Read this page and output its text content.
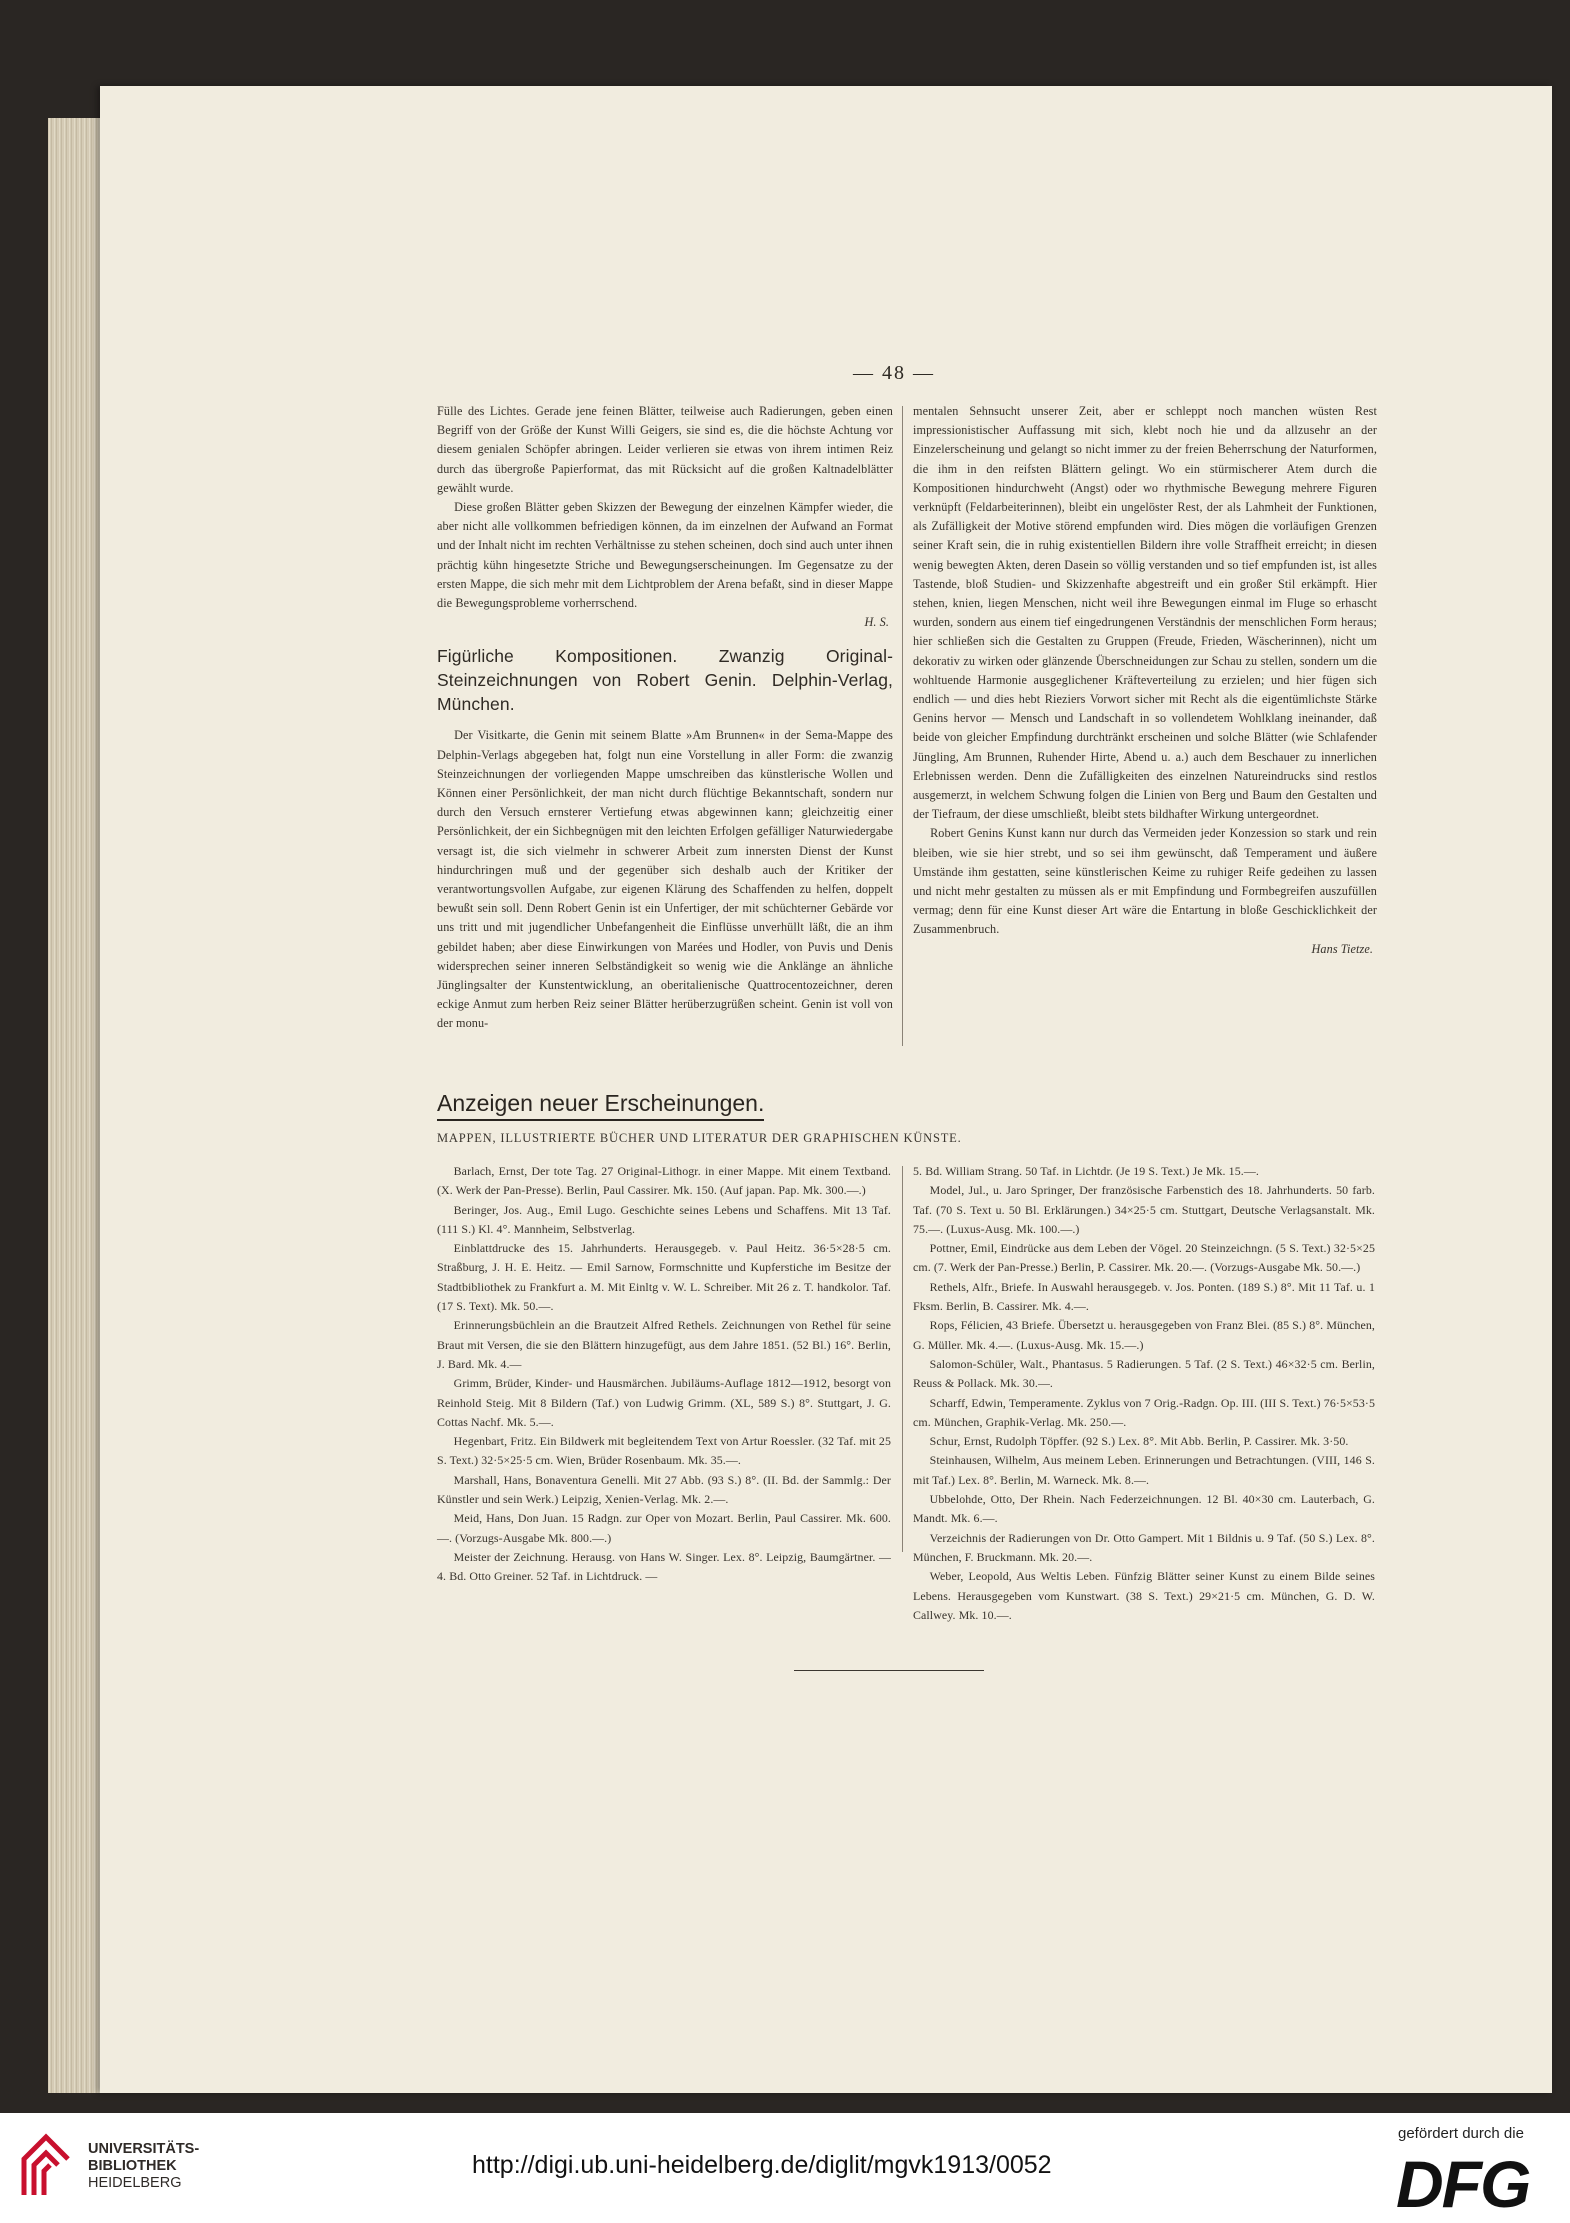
— 48 —

Fülle des Lichtes. Gerade jene feinen Blätter, teilweise auch Radierungen, geben einen Begriff von der Größe der Kunst Willi Geigers, sie sind es, die die höchste Achtung vor diesem genialen Schöpfer abringen. Leider verlieren sie etwas von ihrem intimen Reiz durch das übergroße Papierformat, das mit Rücksicht auf die großen Kaltnadelblätter gewählt wurde.

Diese großen Blätter geben Skizzen der Bewegung der einzelnen Kämpfer wieder, die aber nicht alle vollkommen befriedigen können, da im einzelnen der Aufwand an Format und der Inhalt nicht im rechten Verhältnisse zu stehen scheinen, doch sind auch unter ihnen prächtig kühn hingesetzte Striche und Bewegungserscheinungen. Im Gegensatze zu der ersten Mappe, die sich mehr mit dem Lichtproblem der Arena befaßt, sind in dieser Mappe die Bewegungsprobleme vorherrschend.

H. S.

Figürliche Kompositionen. Zwanzig Original-Steinzeichnungen von Robert Genin. Delphin-Verlag, München.

Der Visitkarte, die Genin mit seinem Blatte »Am Brunnen« in der Sema-Mappe des Delphin-Verlags abgegeben hat, folgt nun eine Vorstellung in aller Form: die zwanzig Steinzeichnungen der vorliegenden Mappe umschreiben das künstlerische Wollen und Können einer Persönlichkeit, der man nicht durch flüchtige Bekanntschaft, sondern nur durch den Versuch ernsterer Vertiefung etwas abgewinnen kann; gleichzeitig einer Persönlichkeit, der ein Sichbegnügen mit den leichten Erfolgen gefälliger Naturwiedergabe versagt ist, die sich vielmehr in schwerer Arbeit zum innersten Dienst der Kunst hindurchringen muß und der gegenüber sich deshalb auch der Kritiker der verantwortungsvollen Aufgabe, zur eigenen Klärung des Schaffenden zu helfen, doppelt bewußt sein soll. Denn Robert Genin ist ein Unfertiger, der mit schüchterner Gebärde vor uns tritt und mit jugendlicher Unbefangenheit die Einflüsse unverhüllt läßt, die an ihm gebildet haben; aber diese Einwirkungen von Marées und Hodler, von Puvis und Denis widersprechen seiner inneren Selbständigkeit so wenig wie die Anklänge an ähnliche Jünglingsalter der Kunstentwicklung, an oberitalienische Quattrocentozeichner, deren eckige Anmut zum herben Reiz seiner Blätter herüberzugrüßen scheint. Genin ist voll von der monu-

mentalen Sehnsucht unserer Zeit, aber er schleppt noch manchen wüsten Rest impressionistischer Auffassung mit sich, klebt noch hie und da allzusehr an der Einzelerscheinung und gelangt so nicht immer zu der freien Beherrschung der Naturformen, die ihm in den reifsten Blättern gelingt. Wo ein stürmischerer Atem durch die Kompositionen hindurchweht (Angst) oder wo rhythmische Bewegung mehrere Figuren verknüpft (Feldarbeiterinnen), bleibt ein ungelöster Rest, der als Lahmheit der Funktionen, als Zufälligkeit der Motive störend empfunden wird. Dies mögen die vorläufigen Grenzen seiner Kraft sein, die in ruhig existentiellen Bildern ihre volle Straffheit erreicht; in diesen wenig bewegten Akten, deren Dasein so völlig verstanden und so tief empfunden ist, ist alles Tastende, bloß Studien- und Skizzenhafte abgestreift und ein großer Stil erkämpft. Hier stehen, knien, liegen Menschen, nicht weil ihre Bewegungen einmal im Fluge so erhascht wurden, sondern aus einem tief eingedrungenen Verständnis der menschlichen Form heraus; hier schließen sich die Gestalten zu Gruppen (Freude, Frieden, Wäscherinnen), nicht um dekorativ zu wirken oder glänzende Überschneidungen zur Schau zu stellen, sondern um die wohltuende Harmonie ausgeglichener Kräfteverteilung zu erzielen; und hier fügen sich endlich — und dies hebt Rieziers Vorwort sicher mit Recht als die eigentümlichste Stärke Genins hervor — Mensch und Landschaft in so vollendetem Wohlklang ineinander, daß beide von gleicher Empfindung durchtränkt erscheinen und solche Blätter (wie Schlafender Jüngling, Am Brunnen, Ruhender Hirte, Abend u. a.) auch dem Beschauer zu innerlichen Erlebnissen werden. Denn die Zufälligkeiten des einzelnen Natureindrucks sind restlos ausgemerzt, in welchem Schwung folgen die Linien von Berg und Baum den Gestalten und der Tiefraum, der diese umschließt, bleibt stets bildhafter Wirkung untergeordnet.

Robert Genins Kunst kann nur durch das Vermeiden jeder Konzession so stark und rein bleiben, wie sie hier strebt, und so sei ihm gewünscht, daß Temperament und äußere Umstände ihm gestatten, seine künstlerischen Keime zu ruhiger Reife gedeihen zu lassen und nicht mehr gestalten zu müssen als er mit Empfindung und Formbegreifen auszufüllen vermag; denn für eine Kunst dieser Art wäre die Entartung in bloße Geschicklichkeit der Zusammenbruch.

Hans Tietze.

Anzeigen neuer Erscheinungen.
MAPPEN, ILLUSTRIERTE BÜCHER UND LITERATUR DER GRAPHISCHEN KÜNSTE.

Barlach, Ernst, Der tote Tag. 27 Original-Lithogr. in einer Mappe. Mit einem Textband. (X. Werk der Pan-Presse). Berlin, Paul Cassirer. Mk. 150. (Auf japan. Pap. Mk. 300.—.)

Beringer, Jos. Aug., Emil Lugo. Geschichte seines Lebens und Schaffens. Mit 13 Taf. (111 S.) Kl. 4°. Mannheim, Selbstverlag.

Einblattdrucke des 15. Jahrhunderts. Herausgegeb. v. Paul Heitz. 36·5×28·5 cm. Straßburg, J. H. E. Heitz. — Emil Sarnow, Formschnitte und Kupferstiche im Besitze der Stadtbibliothek zu Frankfurt a. M. Mit Einltg v. W. L. Schreiber. Mit 26 z. T. handkolor. Taf. (17 S. Text). Mk. 50.—.

Erinnerungsbüchlein an die Brautzeit Alfred Rethels. Zeichnungen von Rethel für seine Braut mit Versen, die sie den Blättern hinzugefügt, aus dem Jahre 1851. (52 Bl.) 16°. Berlin, J. Bard. Mk. 4.—

Grimm, Brüder, Kinder- und Hausmärchen. Jubiläums-Auflage 1812—1912, besorgt von Reinhold Steig. Mit 8 Bildern (Taf.) von Ludwig Grimm. (XL, 589 S.) 8°. Stuttgart, J. G. Cottas Nachf. Mk. 5.—.

Hegenbart, Fritz. Ein Bildwerk mit begleitendem Text von Artur Roessler. (32 Taf. mit 25 S. Text.) 32·5×25·5 cm. Wien, Brüder Rosenbaum. Mk. 35.—.

Marshall, Hans, Bonaventura Genelli. Mit 27 Abb. (93 S.) 8°. (II. Bd. der Sammlg.: Der Künstler und sein Werk.) Leipzig, Xenien-Verlag. Mk. 2.—.

Meid, Hans, Don Juan. 15 Radgn. zur Oper von Mozart. Berlin, Paul Cassirer. Mk. 600.—. (Vorzugs-Ausgabe Mk. 800.—.)

Meister der Zeichnung. Herausg. von Hans W. Singer. Lex. 8°. Leipzig, Baumgärtner. — 4. Bd. Otto Greiner. 52 Taf. in Lichtdruck. —

5. Bd. William Strang. 50 Taf. in Lichtdr. (Je 19 S. Text.) Je Mk. 15.—.

Model, Jul., u. Jaro Springer, Der französische Farbenstich des 18. Jahrhunderts. 50 farb. Taf. (70 S. Text u. 50 Bl. Erklärungen.) 34×25·5 cm. Stuttgart, Deutsche Verlagsanstalt. Mk. 75.—. (Luxus-Ausg. Mk. 100.—.)

Pottner, Emil, Eindrücke aus dem Leben der Vögel. 20 Steinzeichngn. (5 S. Text.) 32·5×25 cm. (7. Werk der Pan-Presse.) Berlin, P. Cassirer. Mk. 20.—. (Vorzugs-Ausgabe Mk. 50.—.)

Rethels, Alfr., Briefe. In Auswahl herausgegeb. v. Jos. Ponten. (189 S.) 8°. Mit 11 Taf. u. 1 Fksm. Berlin, B. Cassirer. Mk. 4.—.

Rops, Félicien, 43 Briefe. Übersetzt u. herausgegeben von Franz Blei. (85 S.) 8°. München, G. Müller. Mk. 4.—. (Luxus-Ausg. Mk. 15.—.)

Salomon-Schüler, Walt., Phantasus. 5 Radierungen. 5 Taf. (2 S. Text.) 46×32·5 cm. Berlin, Reuss & Pollack. Mk. 30.—.

Scharff, Edwin, Temperamente. Zyklus von 7 Orig.-Radgn. Op. III. (III S. Text.) 76·5×53·5 cm. München, Graphik-Verlag. Mk. 250.—.

Schur, Ernst, Rudolph Töpffer. (92 S.) Lex. 8°. Mit Abb. Berlin, P. Cassirer. Mk. 3·50.

Steinhausen, Wilhelm, Aus meinem Leben. Erinnerungen und Betrachtungen. (VIII, 146 S. mit Taf.) Lex. 8°. Berlin, M. Warneck. Mk. 8.—.

Ubbelohde, Otto, Der Rhein. Nach Federzeichnungen. 12 Bl. 40×30 cm. Lauterbach, G. Mandt. Mk. 6.—.

Verzeichnis der Radierungen von Dr. Otto Gampert. Mit 1 Bildnis u. 9 Taf. (50 S.) Lex. 8°. München, F. Bruckmann. Mk. 20.—.

Weber, Leopold, Aus Weltis Leben. Fünfzig Blätter seiner Kunst zu einem Bilde seines Lebens. Herausgegeben vom Kunstwart. (38 S. Text.) 29×21·5 cm. München, G. D. W. Callwey. Mk. 10.—.

UNIVERSITÄTS-
BIBLIOTHEK
HEIDELBERG
http://digi.ub.uni-heidelberg.de/diglit/mgvk1913/0052
gefördert durch die
DFG
